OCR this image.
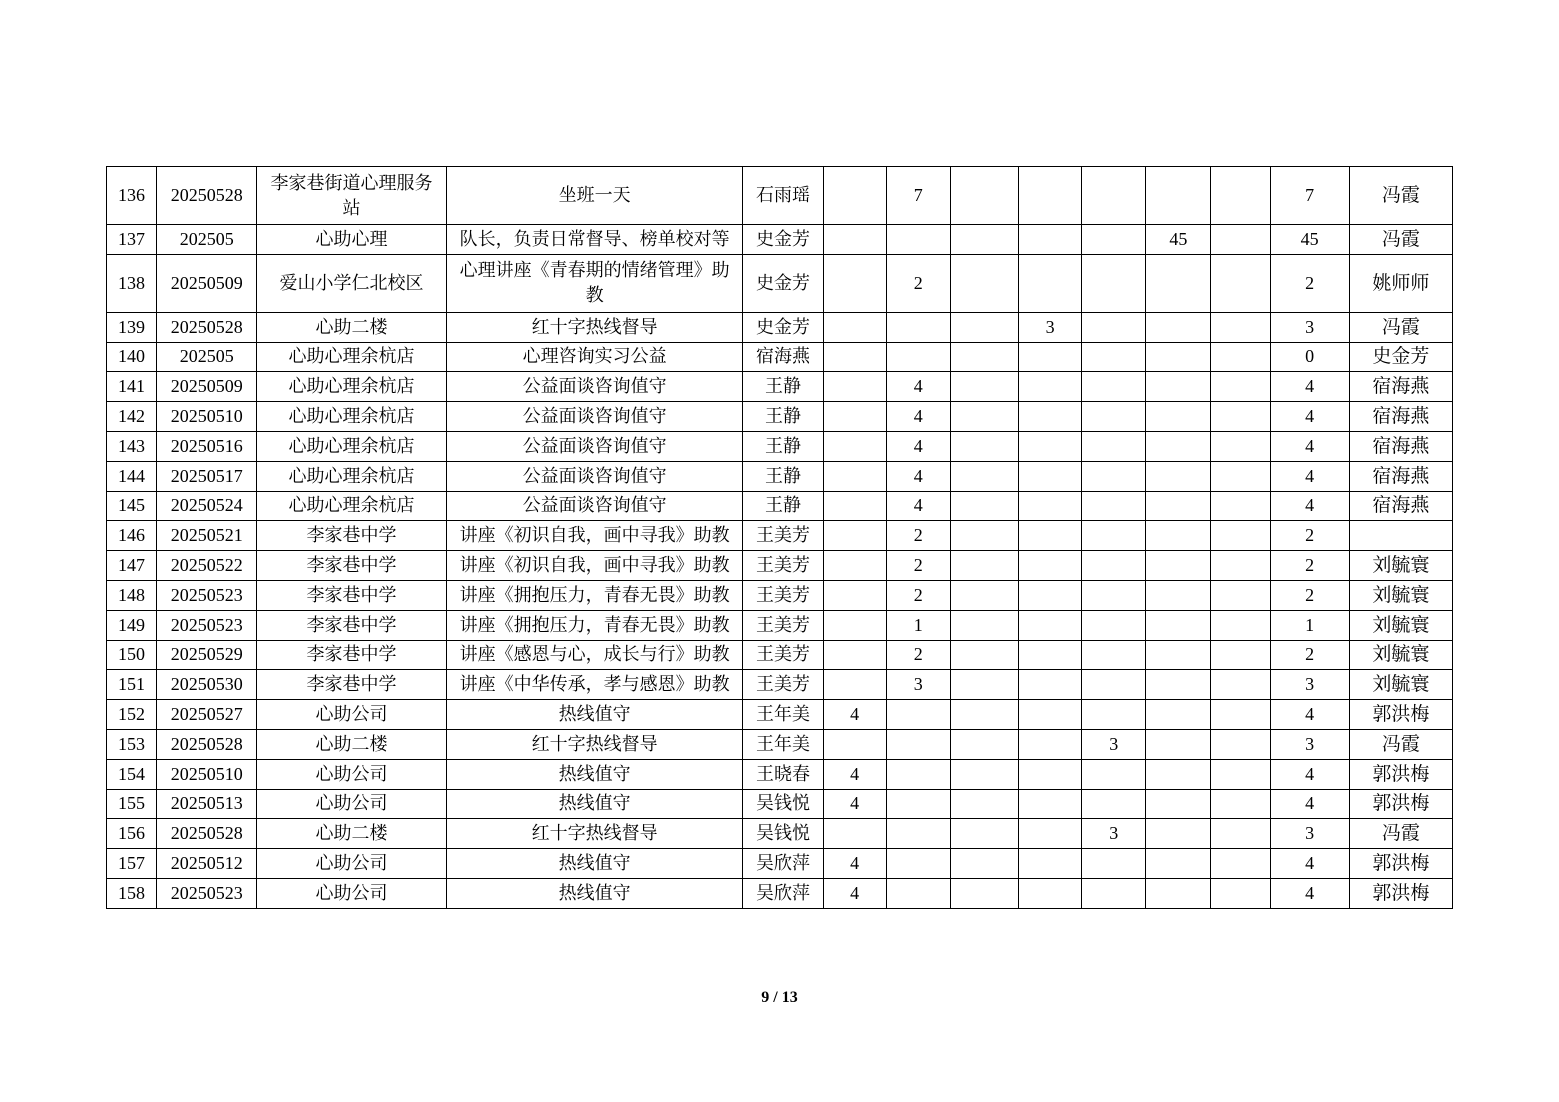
136	20250528	李家巷街道心理服务站	坐班一天	石雨瑶		7						7	冯霞
137	202505	心助心理	队长，负责日常督导、榜单校对等	史金芳						45		45	冯霞
138	20250509	爱山小学仁北校区	心理讲座《青春期的情绪管理》助教	史金芳		2						2	姚师师
139	20250528	心助二楼	红十字热线督导	史金芳				3				3	冯霞
140	202505	心助心理余杭店	心理咨询实习公益	宿海燕								0	史金芳
141	20250509	心助心理余杭店	公益面谈咨询值守	王静		4						4	宿海燕
142	20250510	心助心理余杭店	公益面谈咨询值守	王静		4						4	宿海燕
143	20250516	心助心理余杭店	公益面谈咨询值守	王静		4						4	宿海燕
144	20250517	心助心理余杭店	公益面谈咨询值守	王静		4						4	宿海燕
145	20250524	心助心理余杭店	公益面谈咨询值守	王静		4						4	宿海燕
146	20250521	李家巷中学	讲座《初识自我，画中寻我》助教	王美芳		2						2	
147	20250522	李家巷中学	讲座《初识自我，画中寻我》助教	王美芳		2						2	刘毓寰
148	20250523	李家巷中学	讲座《拥抱压力，青春无畏》助教	王美芳		2						2	刘毓寰
149	20250523	李家巷中学	讲座《拥抱压力，青春无畏》助教	王美芳		1						1	刘毓寰
150	20250529	李家巷中学	讲座《感恩与心，成长与行》助教	王美芳		2						2	刘毓寰
151	20250530	李家巷中学	讲座《中华传承，孝与感恩》助教	王美芳		3						3	刘毓寰
152	20250527	心助公司	热线值守	王年美	4							4	郭洪梅
153	20250528	心助二楼	红十字热线督导	王年美					3			3	冯霞
154	20250510	心助公司	热线值守	王晓春	4							4	郭洪梅
155	20250513	心助公司	热线值守	吴钱悦	4							4	郭洪梅
156	20250528	心助二楼	红十字热线督导	吴钱悦					3			3	冯霞
157	20250512	心助公司	热线值守	吴欣萍	4							4	郭洪梅
158	20250523	心助公司	热线值守	吴欣萍	4							4	郭洪梅
9 / 13
